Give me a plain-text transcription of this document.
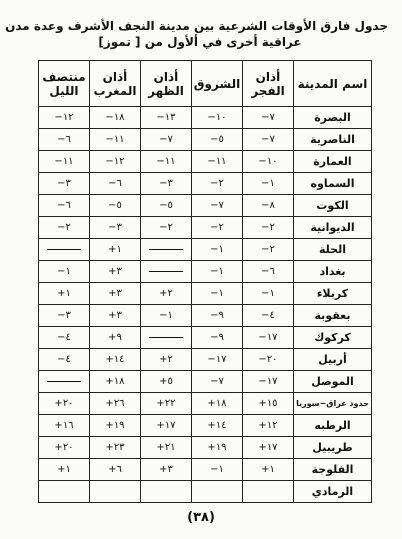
جدول فارق الأوقات الشرعية بين مدينة النجف الأشرف وعدة مدن
عراقية أخرى في ألأول من [ تموز]
اسم المدينة	أذان الفجر	الشروق	أذان الظهر	أذان المغرب	منتصف الليل
البصرة	٧−	١٠−	١٣−	١٨−	١٢−
الناصرية	٧−	٥−	٧−	١١−	٦−
العمارة	١٠−	١١−	١١−	١٢−	١١−
السماوه	١−	٢−	٣−	٦−	٣−
الكوت	٨−	٧−	٥−	٥−	٦−
الديوانية	٢−	٢−	٢−	٣−	٢−
الحلة	٢−	١−		١+	
بغداد	٦−	١−		٣+	١−
كربلاء	١−	١−	٢+	٣+	١+
بعقوبة	٤−	٩−	١−	٣+	٣−
كركوك	١٧−	٩−		٩+	٤−
أربيل	٢٠−	١٧−	٢+	١٤+	٤−
الموصل	١٧−	٧−	٥+	١٨+	
حدود عراق−سوريا	١٥+	١٨+	٢٢+	٢٦+	٢٠+
الرطبه	١٢+	١٤+	١٧+	١٩+	١٦+
طريبيل	١٧+	١٩+	٢١+	٢٣+	٢٠+
الفلوجة	١+	١−	٣+	٦+	١+
الرمادي					
(٣٨)
